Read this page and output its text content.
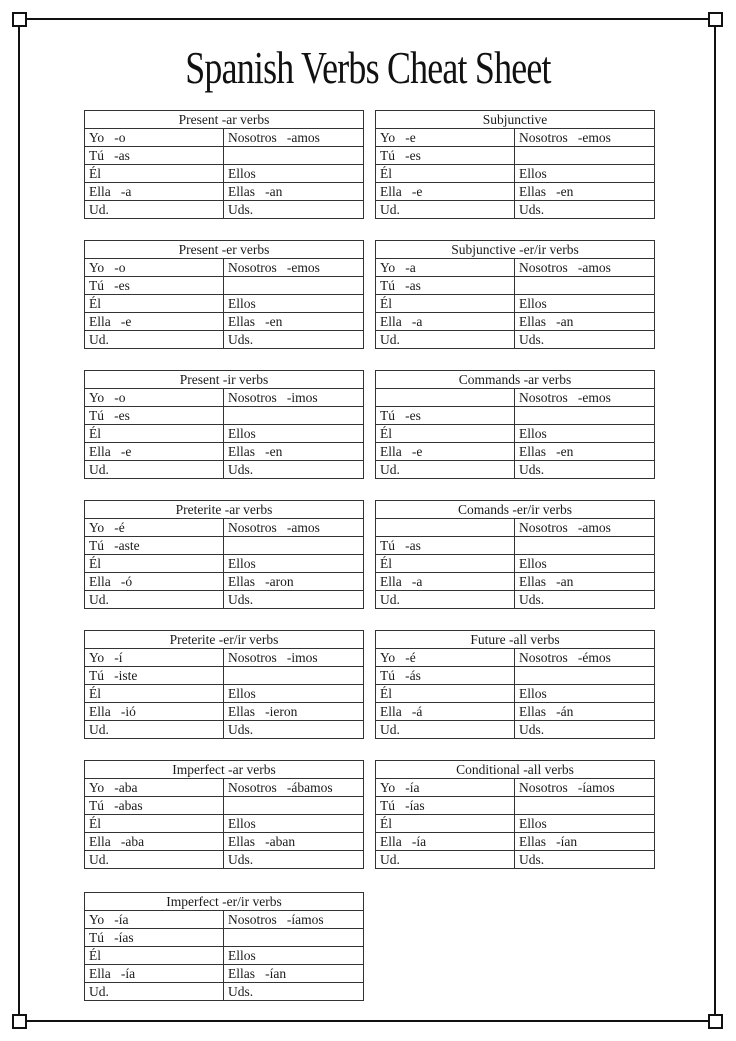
Spanish Verbs Cheat Sheet
Present -ar verbs	
Yo   -o	Nosotros   -amos
Tú   -as	
Él	Ellos
Ella   -a	Ellas   -an
Ud.	Uds.
Subjunctive	
Yo   -e	Nosotros   -emos
Tú   -es	
Él	Ellos
Ella   -e	Ellas   -en
Ud.	Uds.
Present -er verbs	
Yo   -o	Nosotros   -emos
Tú   -es	
Él	Ellos
Ella   -e	Ellas   -en
Ud.	Uds.
Subjunctive -er/ir verbs	
Yo   -a	Nosotros   -amos
Tú   -as	
Él	Ellos
Ella   -a	Ellas   -an
Ud.	Uds.
Present -ir verbs	
Yo   -o	Nosotros   -imos
Tú   -es	
Él	Ellos
Ella   -e	Ellas   -en
Ud.	Uds.
Commands -ar verbs	
	Nosotros   -emos
Tú   -es	
Él	Ellos
Ella   -e	Ellas   -en
Ud.	Uds.
Preterite -ar verbs	
Yo   -é	Nosotros   -amos
Tú   -aste	
Él	Ellos
Ella   -ó	Ellas   -aron
Ud.	Uds.
Comands -er/ir verbs	
	Nosotros   -amos
Tú   -as	
Él	Ellos
Ella   -a	Ellas   -an
Ud.	Uds.
Preterite -er/ir verbs	
Yo   -í	Nosotros   -imos
Tú   -iste	
Él	Ellos
Ella   -ió	Ellas   -ieron
Ud.	Uds.
Future -all verbs	
Yo   -é	Nosotros   -émos
Tú   -ás	
Él	Ellos
Ella   -á	Ellas   -án
Ud.	Uds.
Imperfect -ar verbs	
Yo   -aba	Nosotros   -ábamos
Tú   -abas	
Él	Ellos
Ella   -aba	Ellas   -aban
Ud.	Uds.
Conditional -all verbs	
Yo   -ía	Nosotros   -íamos
Tú   -ías	
Él	Ellos
Ella   -ía	Ellas   -ían
Ud.	Uds.
Imperfect -er/ir verbs	
Yo   -ía	Nosotros   -íamos
Tú   -ías	
Él	Ellos
Ella   -ía	Ellas   -ían
Ud.	Uds.
